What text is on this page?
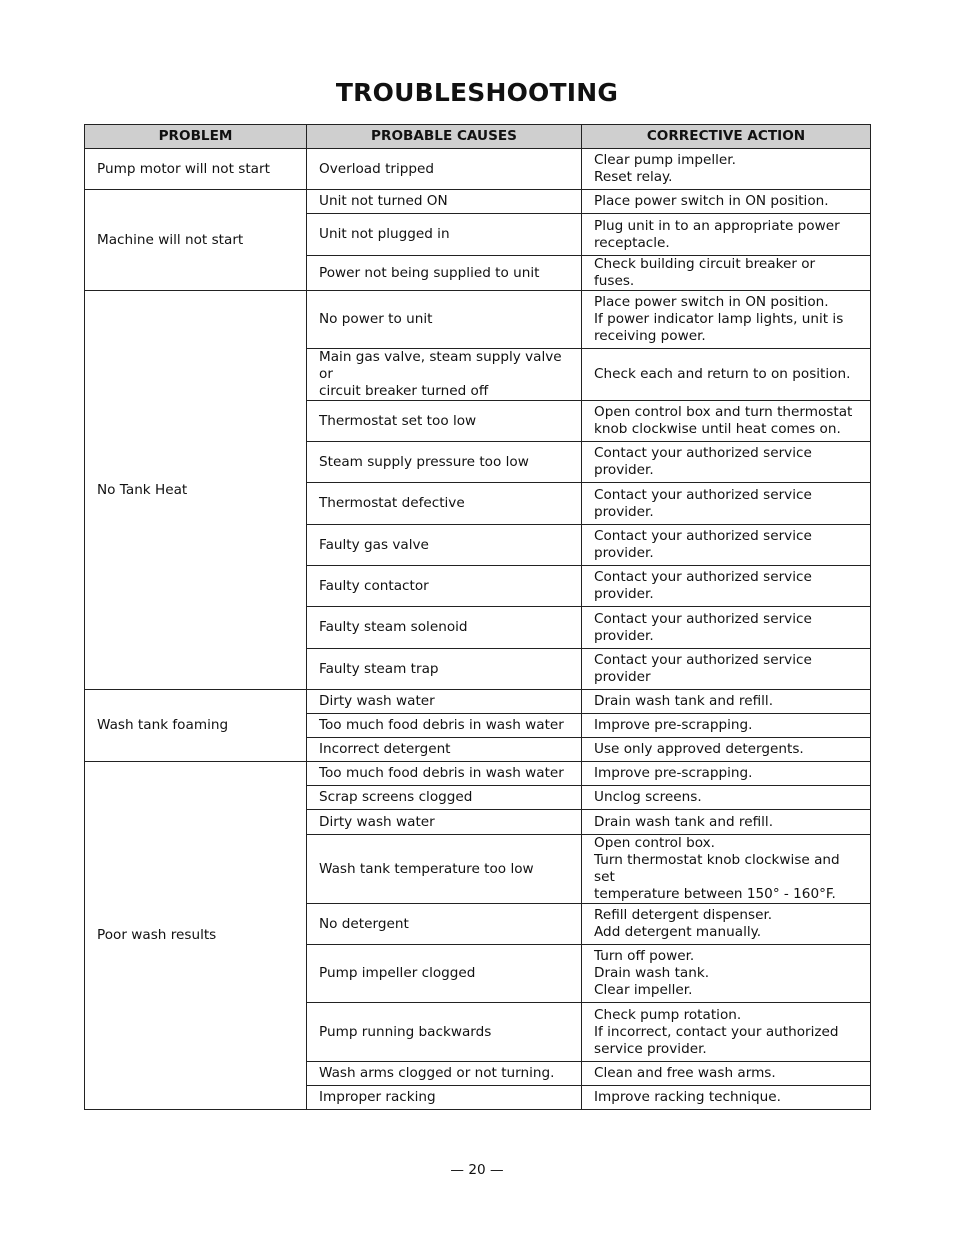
TROUBLESHOOTING
PROBLEM	PROBABLE CAUSES	CORRECTIVE ACTION
Pump motor will not start	Overload tripped	Clear pump impeller.
Reset relay.
Machine will not start	Unit not turned ON	Place power switch in ON position.
	Unit not plugged in	Plug unit in to an appropriate power
receptacle.
	Power not being supplied to unit	Check building circuit breaker or fuses.
No Tank Heat	No power to unit	Place power switch in ON position.
If power indicator lamp lights, unit is
receiving power.
	Main gas valve, steam supply valve or
circuit breaker turned off	Check each and return to on position.
	Thermostat set too low	Open control box and turn thermostat
knob clockwise until heat comes on.
	Steam supply pressure too low	Contact your authorized service
provider.
	Thermostat defective	Contact your authorized service
provider.
	Faulty gas valve	Contact your authorized service
provider.
	Faulty contactor	Contact your authorized service
provider.
	Faulty steam solenoid	Contact your authorized service
provider.
	Faulty steam trap	Contact your authorized service
provider
Wash tank foaming	Dirty wash water	Drain wash tank and refill.
	Too much food debris in wash water	Improve pre-scrapping.
	Incorrect detergent	Use only approved detergents.
Poor wash results	Too much food debris in wash water	Improve pre-scrapping.
	Scrap screens clogged	Unclog screens.
	Dirty wash water	Drain wash tank and refill.
	Wash tank temperature too low	Open control box.
Turn thermostat knob clockwise and set
temperature between 150° - 160°F.
	No detergent	Refill detergent dispenser.
Add detergent manually.
	Pump impeller clogged	Turn off power.
Drain wash tank.
Clear impeller.
	Pump running backwards	Check pump rotation.
If incorrect, contact your authorized
service provider.
	Wash arms clogged or not turning.	Clean and free wash arms.
	Improper racking	Improve racking technique.
— 20 —
